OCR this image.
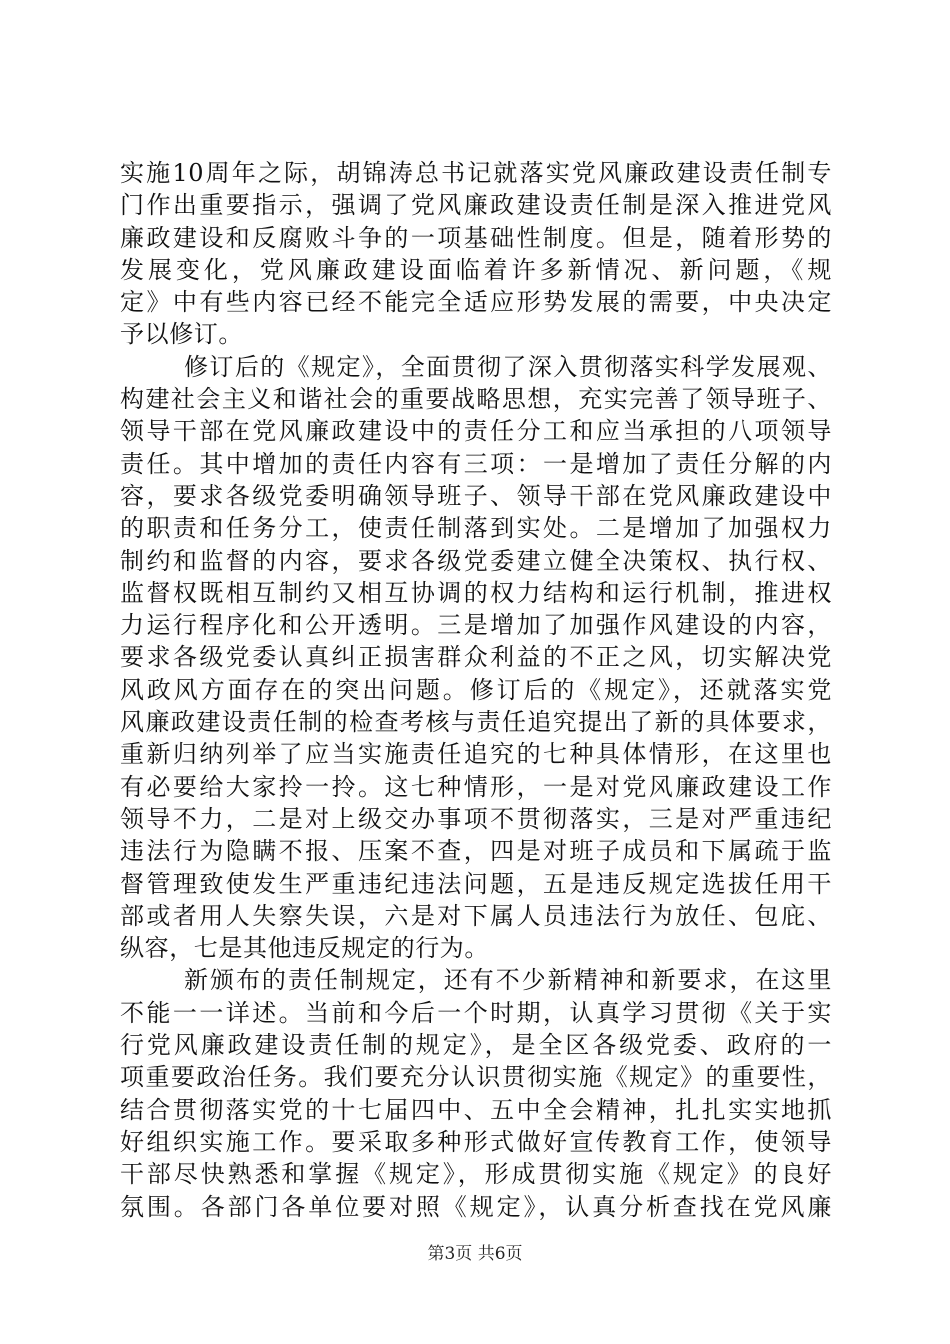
实施10周年之际，胡锦涛总书记就落实党风廉政建设责任制专
门作出重要指示，强调了党风廉政建设责任制是深入推进党风
廉政建设和反腐败斗争的一项基础性制度。但是，随着形势的
发展变化，党风廉政建设面临着许多新情况、新问题，《规
定》中有些内容已经不能完全适应形势发展的需要，中央决定
予以修订。
修订后的《规定》，全面贯彻了深入贯彻落实科学发展观、
构建社会主义和谐社会的重要战略思想，充实完善了领导班子、
领导干部在党风廉政建设中的责任分工和应当承担的八项领导
责任。其中增加的责任内容有三项：一是增加了责任分解的内
容，要求各级党委明确领导班子、领导干部在党风廉政建设中
的职责和任务分工，使责任制落到实处。二是增加了加强权力
制约和监督的内容，要求各级党委建立健全决策权、执行权、
监督权既相互制约又相互协调的权力结构和运行机制，推进权
力运行程序化和公开透明。三是增加了加强作风建设的内容，
要求各级党委认真纠正损害群众利益的不正之风，切实解决党
风政风方面存在的突出问题。修订后的《规定》，还就落实党
风廉政建设责任制的检查考核与责任追究提出了新的具体要求，
重新归纳列举了应当实施责任追究的七种具体情形，在这里也
有必要给大家拎一拎。这七种情形，一是对党风廉政建设工作
领导不力，二是对上级交办事项不贯彻落实，三是对严重违纪
违法行为隐瞒不报、压案不查，四是对班子成员和下属疏于监
督管理致使发生严重违纪违法问题，五是违反规定选拔任用干
部或者用人失察失误，六是对下属人员违法行为放任、包庇、
纵容，七是其他违反规定的行为。
新颁布的责任制规定，还有不少新精神和新要求，在这里
不能一一详述。当前和今后一个时期，认真学习贯彻《关于实
行党风廉政建设责任制的规定》，是全区各级党委、政府的一
项重要政治任务。我们要充分认识贯彻实施《规定》的重要性，
结合贯彻落实党的十七届四中、五中全会精神，扎扎实实地抓
好组织实施工作。要采取多种形式做好宣传教育工作，使领导
干部尽快熟悉和掌握《规定》，形成贯彻实施《规定》的良好
氛围。各部门各单位要对照《规定》，认真分析查找在党风廉
第3页 共6页
